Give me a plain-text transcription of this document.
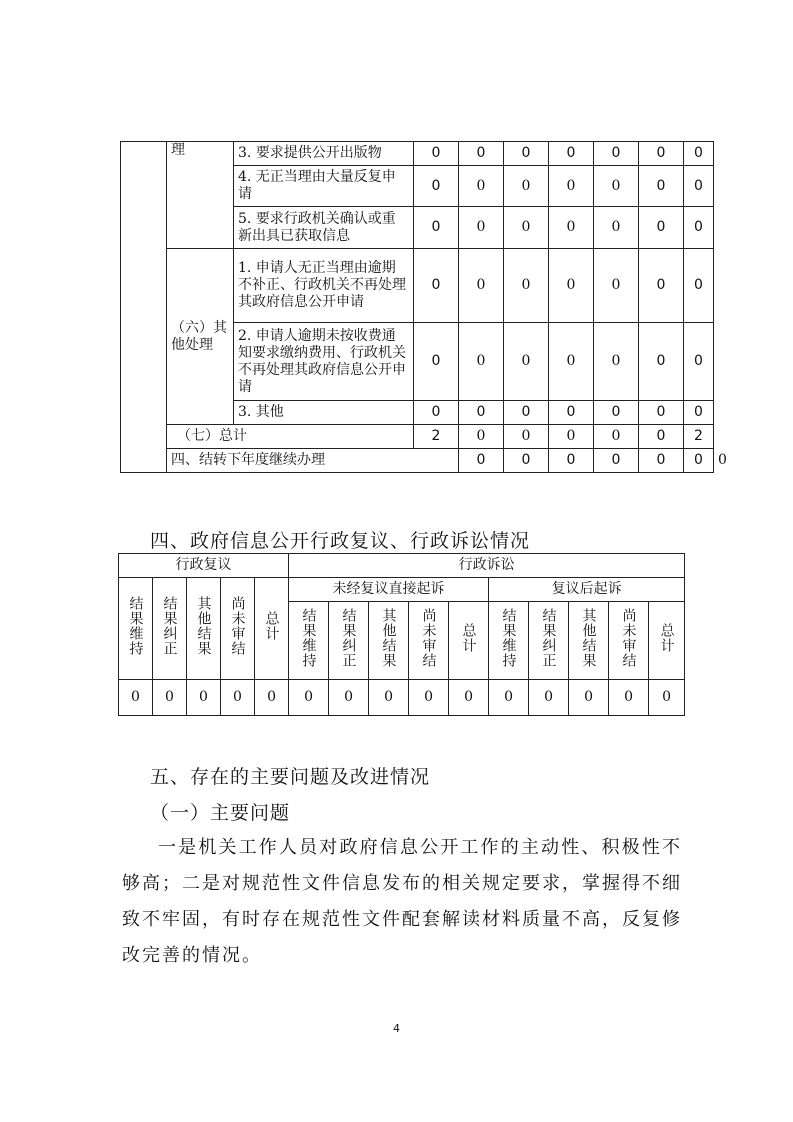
	理	3. 要求提供公开出版物	0	0	0	0	0	0	0	
		4. 无正当理由大量反复申请	0	0	0	0	0	0	0	
		5. 要求行政机关确认或重新出具已获取信息	0	0	0	0	0	0	0	
	（六）其他处理	1. 申请人无正当理由逾期不补正、行政机关不再处理其政府信息公开申请	0	0	0	0	0	0	0	
		2. 申请人逾期未按收费通知要求缴纳费用、行政机关不再处理其政府信息公开申请	0	0	0	0	0	0	0	
		3. 其他	0	0	0	0	0	0	0	
	（七）总计		2	0	0	0	0	0	2	
	四、结转下年度继续办理			0	0	0	0	0	0	0
四、政府信息公开行政复议、行政诉讼情况
行政复议					行政诉讼									
结果维持	结果纠正	其他结果	尚未审结	总计	未经复议直接起诉					复议后起诉				
					结果维持	结果纠正	其他结果	尚未审结	总计	结果维持	结果纠正	其他结果	尚未审结	总计
0	0	0	0	0	0	0	0	0	0	0	0	0	0	0
五、存在的主要问题及改进情况
（一）主要问题
一是机关工作人员对政府信息公开工作的主动性、积极性不够高；二是对规范性文件信息发布的相关规定要求，掌握得不细致不牢固，有时存在规范性文件配套解读材料质量不高，反复修改完善的情况。
4
